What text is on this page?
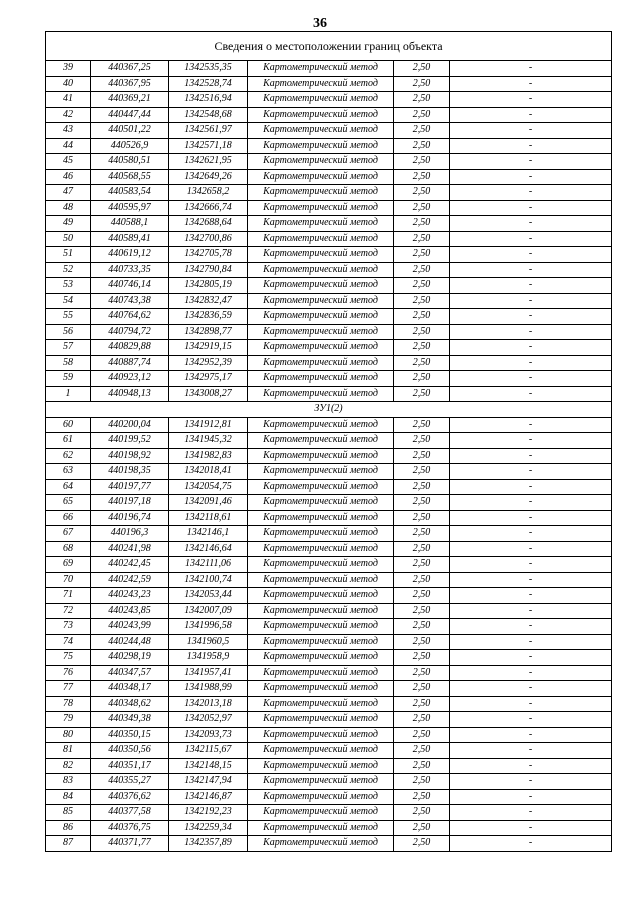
36
Сведения о местоположении границ объекта					
39	440367,25	1342535,35	Картометрический метод	2,50	-
40	440367,95	1342528,74	Картометрический метод	2,50	-
41	440369,21	1342516,94	Картометрический метод	2,50	-
42	440447,44	1342548,68	Картометрический метод	2,50	-
43	440501,22	1342561,97	Картометрический метод	2,50	-
44	440526,9	1342571,18	Картометрический метод	2,50	-
45	440580,51	1342621,95	Картометрический метод	2,50	-
46	440568,55	1342649,26	Картометрический метод	2,50	-
47	440583,54	1342658,2	Картометрический метод	2,50	-
48	440595,97	1342666,74	Картометрический метод	2,50	-
49	440588,1	1342688,64	Картометрический метод	2,50	-
50	440589,41	1342700,86	Картометрический метод	2,50	-
51	440619,12	1342705,78	Картометрический метод	2,50	-
52	440733,35	1342790,84	Картометрический метод	2,50	-
53	440746,14	1342805,19	Картометрический метод	2,50	-
54	440743,38	1342832,47	Картометрический метод	2,50	-
55	440764,62	1342836,59	Картометрический метод	2,50	-
56	440794,72	1342898,77	Картометрический метод	2,50	-
57	440829,88	1342919,15	Картометрический метод	2,50	-
58	440887,74	1342952,39	Картометрический метод	2,50	-
59	440923,12	1342975,17	Картометрический метод	2,50	-
1	440948,13	1343008,27	Картометрический метод	2,50	-
ЗУ1(2)					
60	440200,04	1341912,81	Картометрический метод	2,50	-
61	440199,52	1341945,32	Картометрический метод	2,50	-
62	440198,92	1341982,83	Картометрический метод	2,50	-
63	440198,35	1342018,41	Картометрический метод	2,50	-
64	440197,77	1342054,75	Картометрический метод	2,50	-
65	440197,18	1342091,46	Картометрический метод	2,50	-
66	440196,74	1342118,61	Картометрический метод	2,50	-
67	440196,3	1342146,1	Картометрический метод	2,50	-
68	440241,98	1342146,64	Картометрический метод	2,50	-
69	440242,45	1342111,06	Картометрический метод	2,50	-
70	440242,59	1342100,74	Картометрический метод	2,50	-
71	440243,23	1342053,44	Картометрический метод	2,50	-
72	440243,85	1342007,09	Картометрический метод	2,50	-
73	440243,99	1341996,58	Картометрический метод	2,50	-
74	440244,48	1341960,5	Картометрический метод	2,50	-
75	440298,19	1341958,9	Картометрический метод	2,50	-
76	440347,57	1341957,41	Картометрический метод	2,50	-
77	440348,17	1341988,99	Картометрический метод	2,50	-
78	440348,62	1342013,18	Картометрический метод	2,50	-
79	440349,38	1342052,97	Картометрический метод	2,50	-
80	440350,15	1342093,73	Картометрический метод	2,50	-
81	440350,56	1342115,67	Картометрический метод	2,50	-
82	440351,17	1342148,15	Картометрический метод	2,50	-
83	440355,27	1342147,94	Картометрический метод	2,50	-
84	440376,62	1342146,87	Картометрический метод	2,50	-
85	440377,58	1342192,23	Картометрический метод	2,50	-
86	440376,75	1342259,34	Картометрический метод	2,50	-
87	440371,77	1342357,89	Картометрический метод	2,50	-
